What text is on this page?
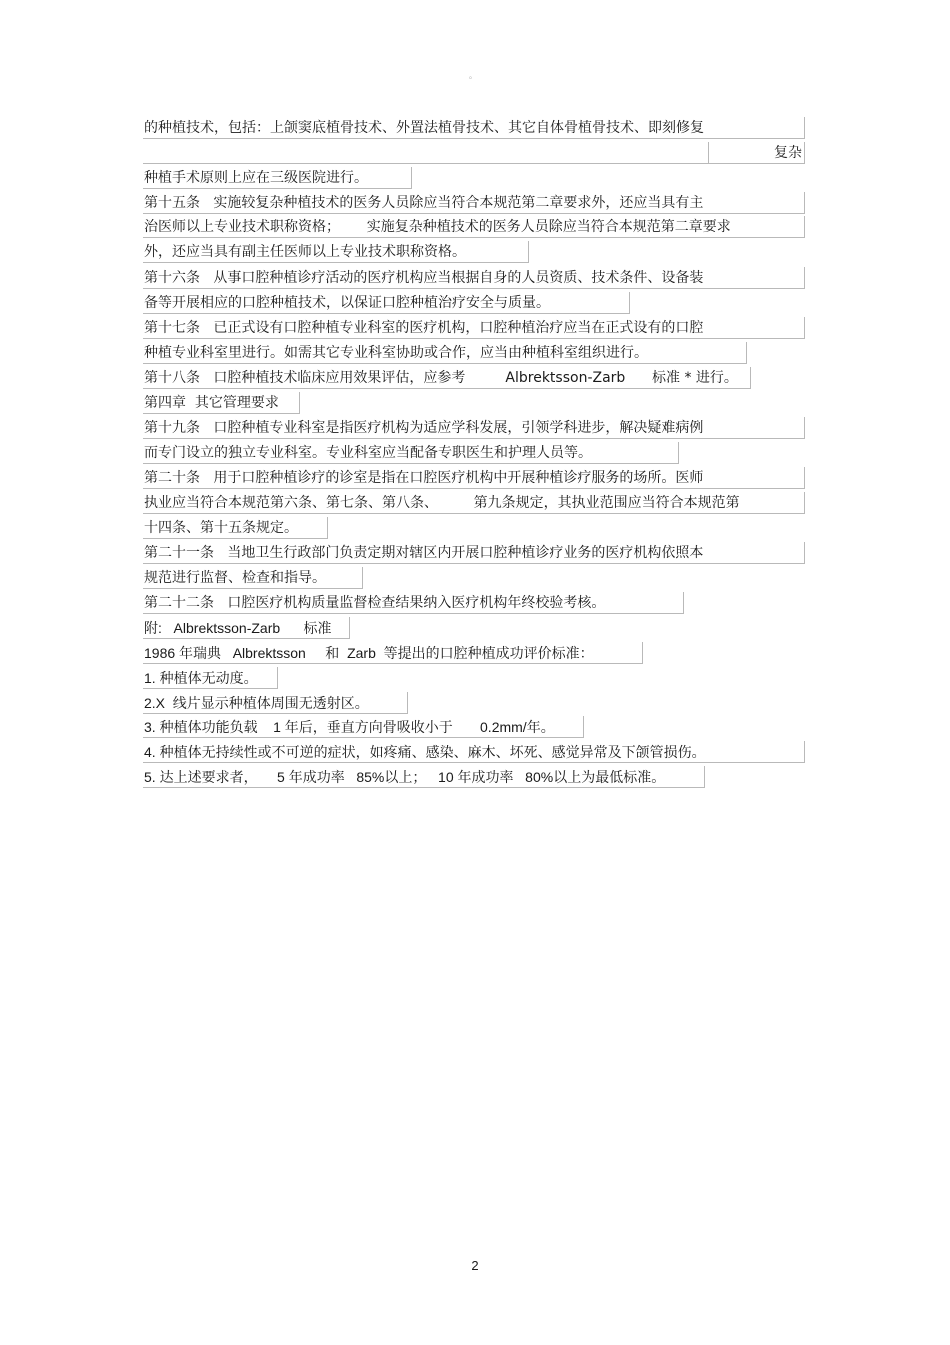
。
的种植技术，包括：上颌窦底植骨技术、外置法植骨技术、其它自体骨植骨技术、即刻修复

复杂

种植手术原则上应在三级医院进行。
第十五条   实施较复杂种植技术的医务人员除应当符合本规范第二章要求外，还应当具有主
治医师以上专业技术职称资格；      实施复杂种植技术的医务人员除应当符合本规范第二章要求
外，还应当具有副主任医师以上专业技术职称资格。
第十六条   从事口腔种植诊疗活动的医疗机构应当根据自身的人员资质、技术条件、设备装
备等开展相应的口腔种植技术，以保证口腔种植治疗安全与质量。
第十七条   已正式设有口腔种植专业科室的医疗机构，口腔种植治疗应当在正式设有的口腔
种植专业科室里进行。如需其它专业科室协助或合作，应当由种植科室组织进行。
第十八条   口腔种植技术临床应用效果评估，应参考         Albrektsson-Zarb      标准 * 进行。
第四章  其它管理要求
第十九条   口腔种植专业科室是指医疗机构为适应学科发展，引领学科进步，解决疑难病例
而专门设立的独立专业科室。专业科室应当配备专职医生和护理人员等。
第二十条   用于口腔种植诊疗的诊室是指在口腔医疗机构中开展种植诊疗服务的场所。医师
执业应当符合本规范第六条、第七条、第八条、        第九条规定，其执业范围应当符合本规范第
十四条、第十五条规定。
第二十一条   当地卫生行政部门负责定期对辖区内开展口腔种植诊疗业务的医疗机构依照本
规范进行监督、检查和指导。
第二十二条   口腔医疗机构质量监督检查结果纳入医疗机构年终校验考核。
附:   Albrektsson-Zarb      标准
1986 年瑞典   Albrektsson     和  Zarb  等提出的口腔种植成功评价标准：
1. 种植体无动度。
2.X  线片显示种植体周围无透射区。
3. 种植体功能负载    1 年后，垂直方向骨吸收小于       0.2mm/年。
4. 种植体无持续性或不可逆的症状，如疼痛、感染、麻木、坏死、感觉异常及下颌管损伤。
5. 达上述要求者，     5 年成功率   85%以上；   10 年成功率   80%以上为最低标准。
2
